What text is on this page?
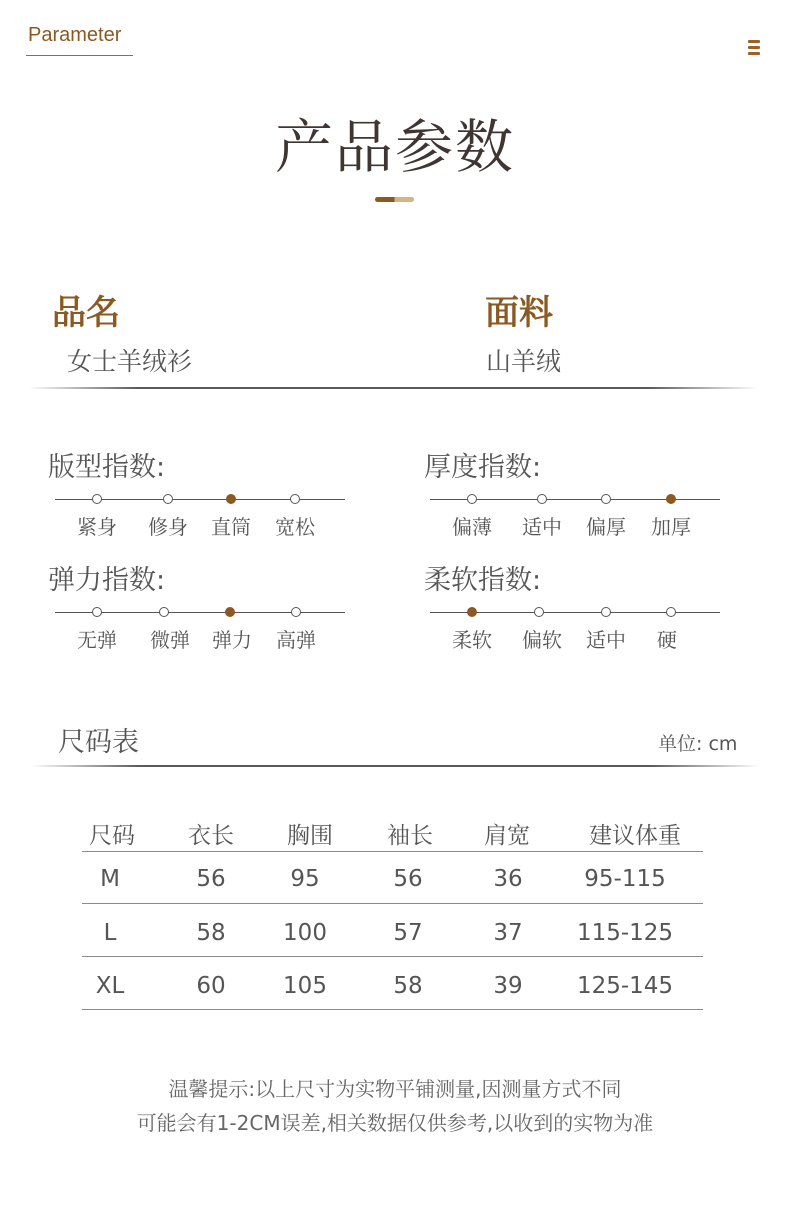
Parameter
产品参数
品名
女士羊绒衫
面料
山羊绒
版型指数:
紧身	修身	直筒	宽松
厚度指数:
偏薄	适中	偏厚	加厚
弹力指数:
无弹	微弹	弹力	高弹
柔软指数:
柔软	偏软	适中	硬
尺码表	单位: cm
尺码	衣长	胸围	袖长	肩宽	建议体重
M	56	95	56	36	95-115
L	58	100	57	37	115-125
XL	60	105	58	39	125-145
温馨提示:以上尺寸为实物平铺测量,因测量方式不同
可能会有1-2CM误差,相关数据仅供参考,以收到的实物为准
